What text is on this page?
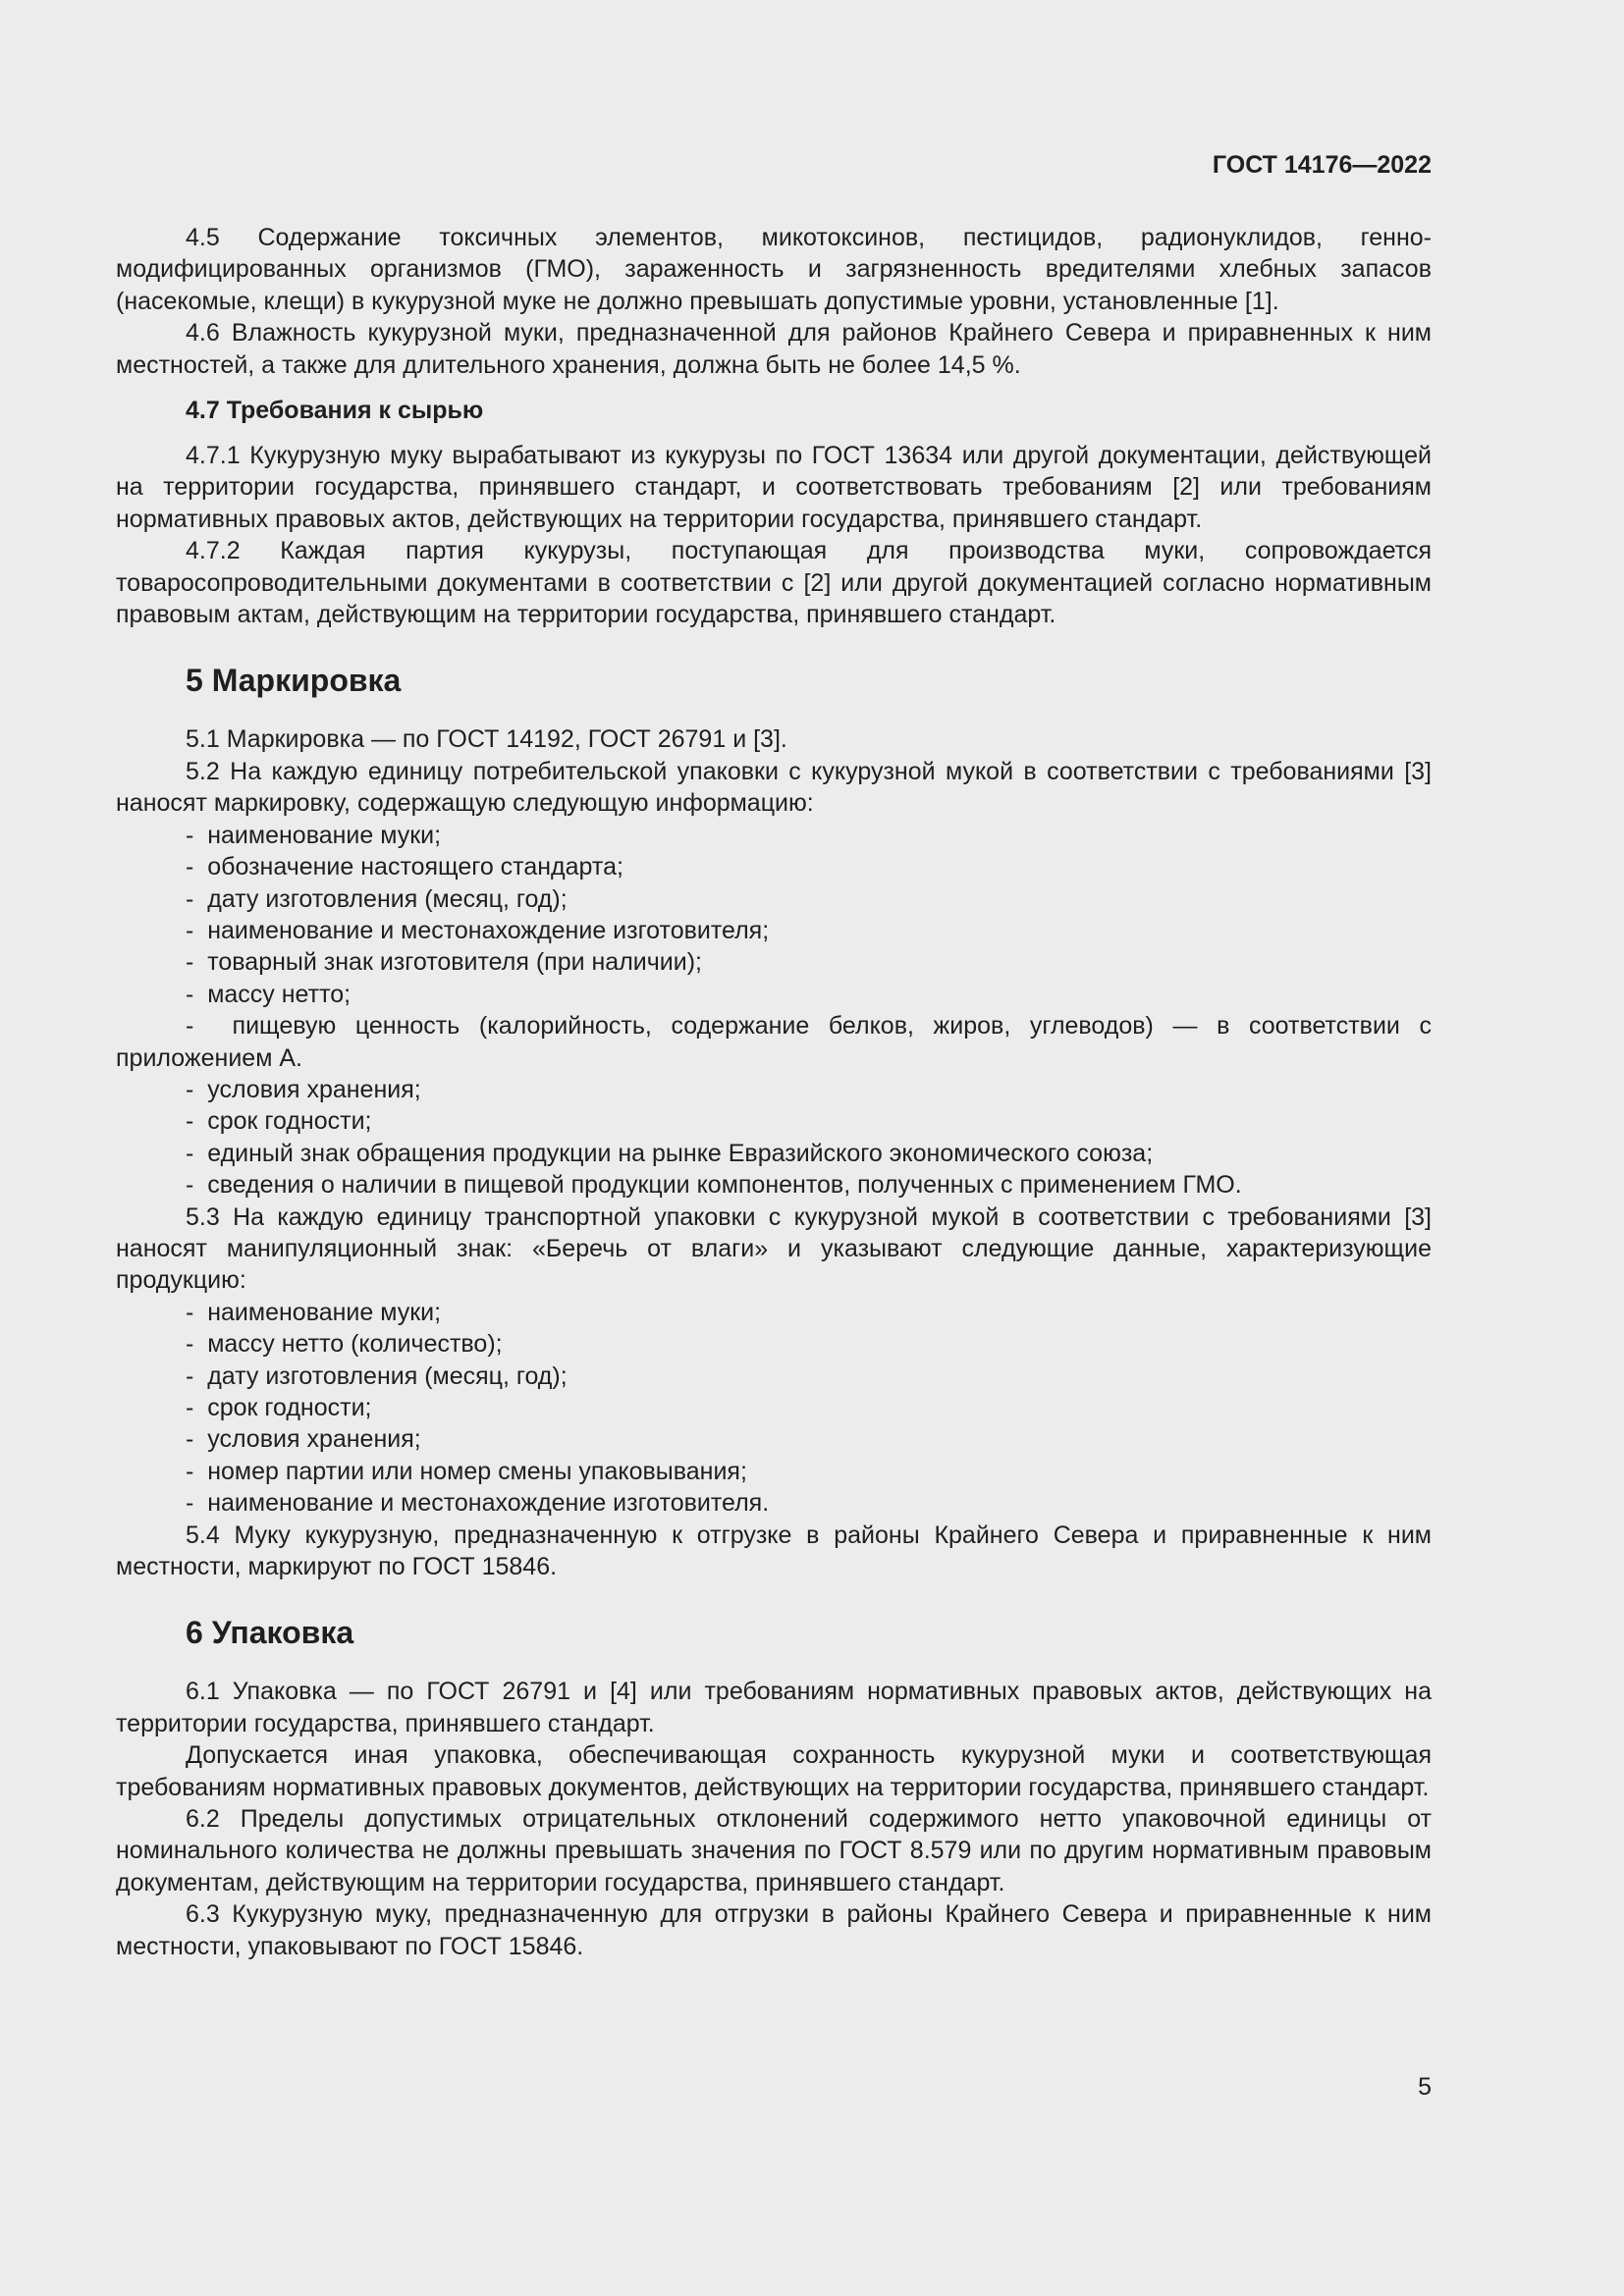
ГОСТ 14176—2022

4.5 Содержание токсичных элементов, микотоксинов, пестицидов, радионуклидов, генно-модифицированных организмов (ГМО), зараженность и загрязненность вредителями хлебных запасов (насекомые, клещи) в кукурузной муке не должно превышать допустимые уровни, установленные [1].

4.6 Влажность кукурузной муки, предназначенной для районов Крайнего Севера и приравненных к ним местностей, а также для длительного хранения, должна быть не более 14,5 %.

4.7 Требования к сырью

4.7.1 Кукурузную муку вырабатывают из кукурузы по ГОСТ 13634 или другой документации, действующей на территории государства, принявшего стандарт, и соответствовать требованиям [2] или требованиям нормативных правовых актов, действующих на территории государства, принявшего стандарт.

4.7.2 Каждая партия кукурузы, поступающая для производства муки, сопровождается товаросопроводительными документами в соответствии с [2] или другой документацией согласно нормативным правовым актам, действующим на территории государства, принявшего стандарт.

5 Маркировка

5.1 Маркировка — по ГОСТ 14192, ГОСТ 26791 и [3].

5.2 На каждую единицу потребительской упаковки с кукурузной мукой в соответствии с требованиями [3] наносят маркировку, содержащую следующую информацию:

-  наименование муки;
-  обозначение настоящего стандарта;
-  дату изготовления (месяц, год);
-  наименование и местонахождение изготовителя;
-  товарный знак изготовителя (при наличии);
-  массу нетто;
-  пищевую ценность (калорийность, содержание белков, жиров, углеводов) — в соответствии с приложением А.
-  условия хранения;
-  срок годности;
-  единый знак обращения продукции на рынке Евразийского экономического союза;
-  сведения о наличии в пищевой продукции компонентов, полученных с применением ГМО.

5.3 На каждую единицу транспортной упаковки с кукурузной мукой в соответствии с требованиями [3] наносят манипуляционный знак: «Беречь от влаги» и указывают следующие данные, характеризующие продукцию:

-  наименование муки;
-  массу нетто (количество);
-  дату изготовления (месяц, год);
-  срок годности;
-  условия хранения;
-  номер партии или номер смены упаковывания;
-  наименование и местонахождение изготовителя.

5.4 Муку кукурузную, предназначенную к отгрузке в районы Крайнего Севера и приравненные к ним местности, маркируют по ГОСТ 15846.

6 Упаковка

6.1 Упаковка — по ГОСТ 26791 и [4] или требованиям нормативных правовых актов, действующих на территории государства, принявшего стандарт.

Допускается иная упаковка, обеспечивающая сохранность кукурузной муки и соответствующая требованиям нормативных правовых документов, действующих на территории государства, принявшего стандарт.

6.2 Пределы допустимых отрицательных отклонений содержимого нетто упаковочной единицы от номинального количества не должны превышать значения по ГОСТ 8.579 или по другим нормативным правовым документам, действующим на территории государства, принявшего стандарт.

6.3 Кукурузную муку, предназначенную для отгрузки в районы Крайнего Севера и приравненные к ним местности, упаковывают по ГОСТ 15846.

5
